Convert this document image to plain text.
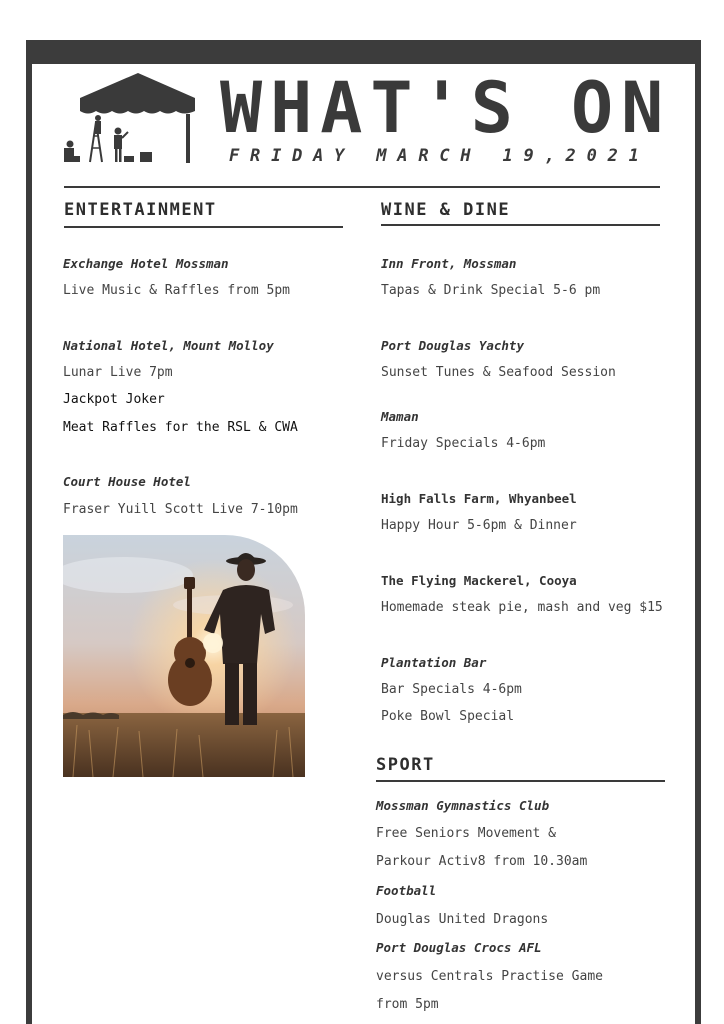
WHAT'S ON
FRIDAY MARCH 19,2021
ENTERTAINMENT
Exchange Hotel Mossman
Live Music & Raffles from 5pm
National Hotel, Mount Molloy
Lunar Live 7pm
Jackpot Joker
Meat Raffles for the RSL & CWA
Court House Hotel
Fraser Yuill Scott Live 7-10pm
WINE & DINE
Inn Front, Mossman
Tapas & Drink Special 5-6 pm
Port Douglas Yachty
Sunset Tunes & Seafood Session
Maman
Friday Specials 4-6pm
High Falls Farm, Whyanbeel
Happy Hour 5-6pm & Dinner
The Flying Mackerel, Cooya
Homemade steak pie, mash and veg $15
Plantation Bar
Bar Specials 4-6pm
Poke Bowl Special
SPORT
Mossman Gymnastics Club
Free Seniors Movement &
Parkour Activ8 from 10.30am
Football
Douglas United Dragons
Port Douglas Crocs AFL
versus Centrals Practise Game
from 5pm
